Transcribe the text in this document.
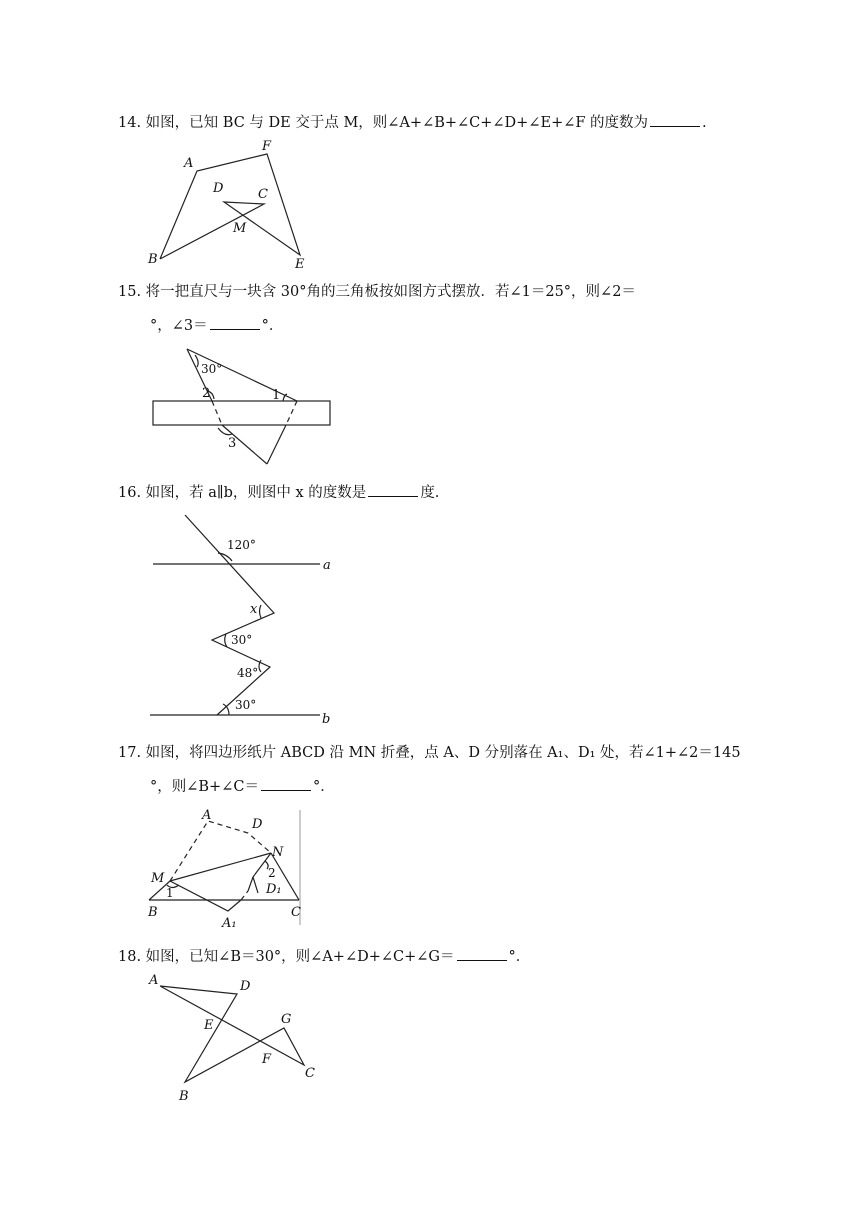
14. 如图，已知 BC 与 DE 交于点 M，则∠A+∠B+∠C+∠D+∠E+∠F 的度数为	.
A
F
D	C
M
B	E
15. 将一把直尺与一块含 30°角的三角板按如图方式摆放．若∠1＝25°，则∠2＝
°，∠3＝	°．
30°
2	1
3
16. 如图，若 a∥b，则图中 x 的度数是	度.
120°
a
x
30°
48°
30°
b
17. 如图，将四边形纸片 ABCD 沿 MN 折叠，点 A、D 分别落在 A₁、D₁ 处，若∠1+∠2＝145
°，则∠B+∠C＝	°．
A
D
N
M
1
2
D₁
B
A₁
C
18. 如图，已知∠B＝30°，则∠A+∠D+∠C+∠G＝	°．
A	D
E	G
F
C
B
